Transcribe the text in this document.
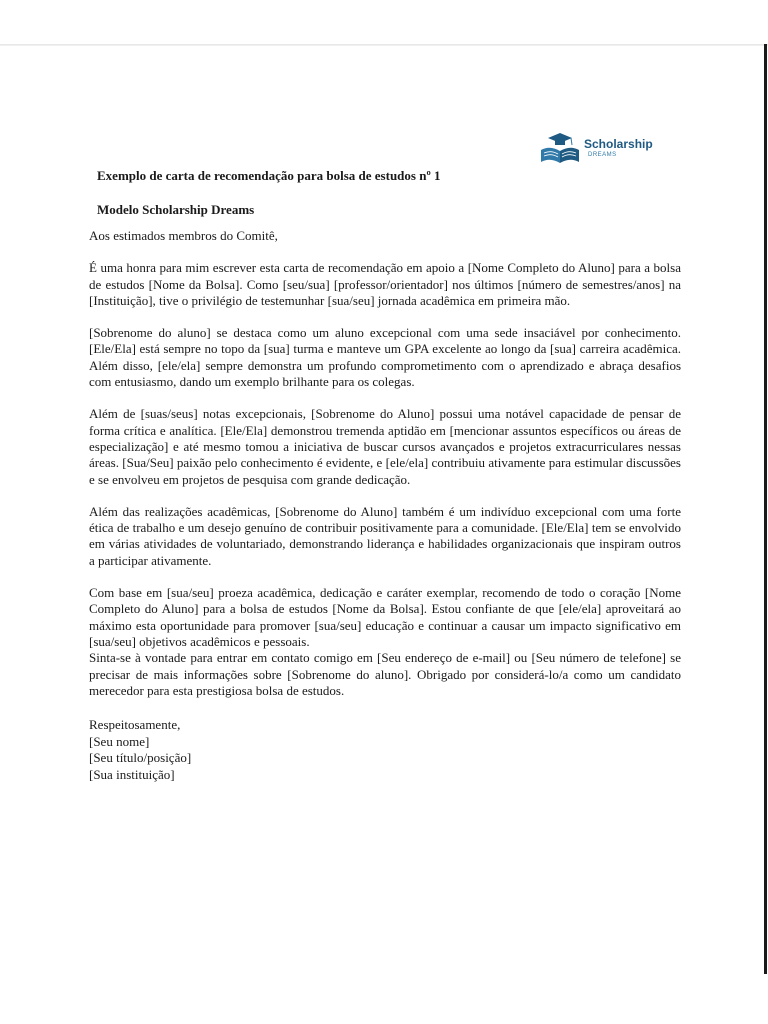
Scholarship
DREAMS
Exemplo de carta de recomendação para bolsa de estudos nº 1
Modelo Scholarship Dreams

Aos estimados membros do Comitê,

É uma honra para mim escrever esta carta de recomendação em apoio a [Nome Completo do Aluno] para a bolsa de estudos [Nome da Bolsa]. Como [seu/sua] [professor/orientador] nos últimos [número de semestres/anos] na [Instituição], tive o privilégio de testemunhar [sua/seu] jornada acadêmica em primeira mão.

[Sobrenome do aluno] se destaca como um aluno excepcional com uma sede insaciável por conhecimento. [Ele/Ela] está sempre no topo da [sua] turma e manteve um GPA excelente ao longo da [sua] carreira acadêmica. Além disso, [ele/ela] sempre demonstra um profundo comprometimento com o aprendizado e abraça desafios com entusiasmo, dando um exemplo brilhante para os colegas.

Além de [suas/seus] notas excepcionais, [Sobrenome do Aluno] possui uma notável capacidade de pensar de forma crítica e analítica. [Ele/Ela] demonstrou tremenda aptidão em [mencionar assuntos específicos ou áreas de especialização] e até mesmo tomou a iniciativa de buscar cursos avançados e projetos extracurriculares nessas áreas. [Sua/Seu] paixão pelo conhecimento é evidente, e [ele/ela] contribuiu ativamente para estimular discussões e se envolveu em projetos de pesquisa com grande dedicação.

Além das realizações acadêmicas, [Sobrenome do Aluno] também é um indivíduo excepcional com uma forte ética de trabalho e um desejo genuíno de contribuir positivamente para a comunidade. [Ele/Ela] tem se envolvido em várias atividades de voluntariado, demonstrando liderança e habilidades organizacionais que inspiram outros a participar ativamente.

Com base em [sua/seu] proeza acadêmica, dedicação e caráter exemplar, recomendo de todo o coração [Nome Completo do Aluno] para a bolsa de estudos [Nome da Bolsa]. Estou confiante de que [ele/ela] aproveitará ao máximo esta oportunidade para promover [sua/seu] educação e continuar a causar um impacto significativo em [sua/seu] objetivos acadêmicos e pessoais.

Sinta-se à vontade para entrar em contato comigo em [Seu endereço de e-mail] ou [Seu número de telefone] se precisar de mais informações sobre [Sobrenome do aluno]. Obrigado por considerá-lo/a como um candidato merecedor para esta prestigiosa bolsa de estudos.

Respeitosamente,
[Seu nome]
[Seu título/posição]
[Sua instituição]
